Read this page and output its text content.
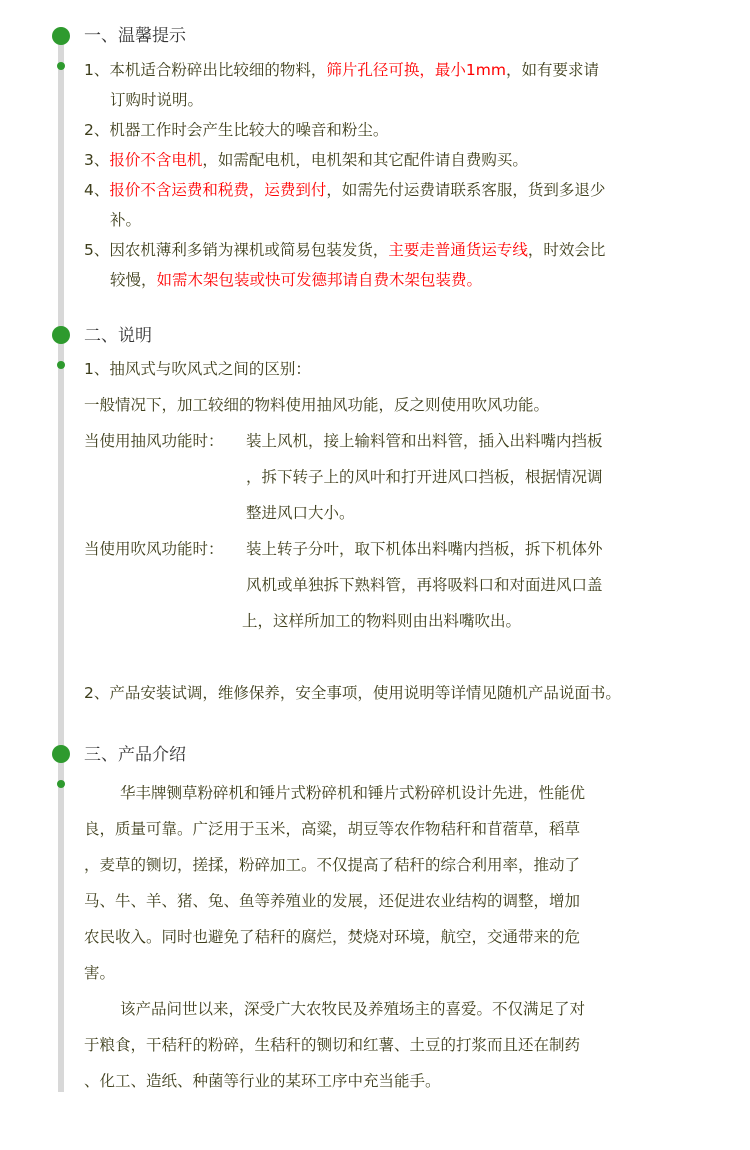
一、温馨提示
1、本机适合粉碎出比较细的物料，筛片孔径可换，最小1mm，如有要求请
订购时说明。
2、机器工作时会产生比较大的噪音和粉尘。
3、报价不含电机，如需配电机，电机架和其它配件请自费购买。
4、报价不含运费和税费，运费到付，如需先付运费请联系客服，货到多退少
补。
5、因农机薄利多销为裸机或简易包装发货，主要走普通货运专线，时效会比
较慢，如需木架包装或快可发德邦请自费木架包装费。
二、说明
1、抽风式与吹风式之间的区别：
一般情况下，加工较细的物料使用抽风功能，反之则使用吹风功能。
当使用抽风功能时： 装上风机，接上输料管和出料管，插入出料嘴内挡板
，拆下转子上的风叶和打开进风口挡板，根据情况调
整进风口大小。
当使用吹风功能时： 装上转子分叶，取下机体出料嘴内挡板，拆下机体外
风机或单独拆下熟料管，再将吸料口和对面进风口盖
上，这样所加工的物料则由出料嘴吹出。
2、产品安装试调，维修保养，安全事项，使用说明等详情见随机产品说面书。
三、产品介绍
华丰牌铡草粉碎机和锤片式粉碎机和锤片式粉碎机设计先进，性能优
良，质量可靠。广泛用于玉米，高粱，胡豆等农作物秸秆和苜蓿草，稻草
，麦草的铡切，搓揉，粉碎加工。不仅提高了秸秆的综合利用率，推动了
马、牛、羊、猪、兔、鱼等养殖业的发展，还促进农业结构的调整，增加
农民收入。同时也避免了秸秆的腐烂，焚烧对环境，航空，交通带来的危
害。
该产品问世以来，深受广大农牧民及养殖场主的喜爱。不仅满足了对
于粮食，干秸秆的粉碎，生秸秆的铡切和红薯、土豆的打浆而且还在制药
、化工、造纸、种菌等行业的某环工序中充当能手。
